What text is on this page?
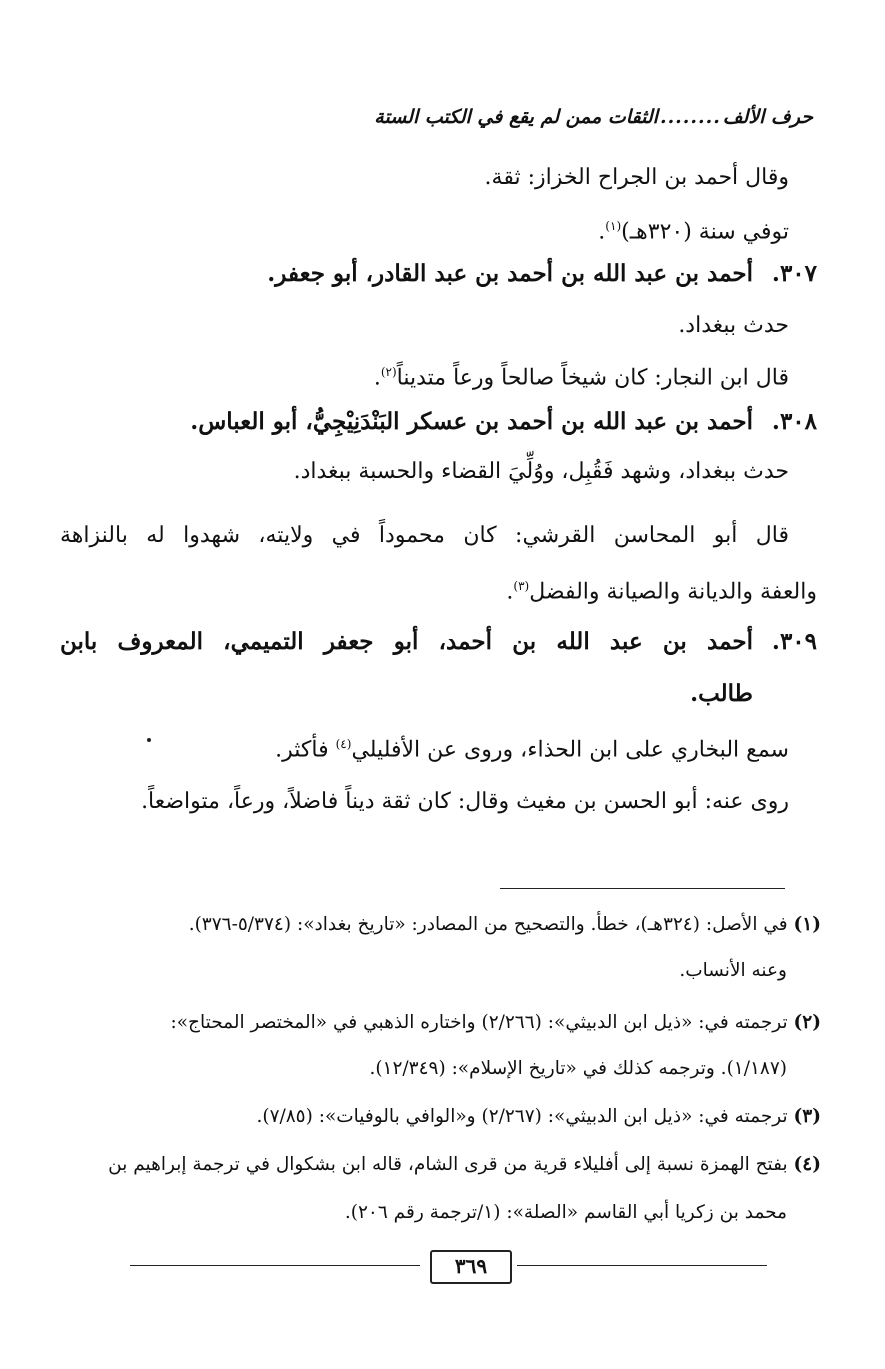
حرف الألف
........
الثقات ممن لم يقع في الكتب الستة
وقال أحمد بن الجراح الخزاز: ثقة.
توفي سنة (٣٢٠هـ)$^{(١)}$.
٣٠٧.أحمد بن عبد الله بن أحمد بن عبد القادر، أبو جعفر.
حدث ببغداد.
قال ابن النجار: كان شيخاً صالحاً ورعاً متديناً$^{(٢)}$.
٣٠٨.أحمد بن عبد الله بن أحمد بن عسكر البَنْدَنِيْجِيُّ، أبو العباس.
حدث ببغداد، وشهد فَقُبِل، ووُلِّيَ القضاء والحسبة ببغداد.
قال أبو المحاسن القرشي: كان محموداً في ولايته، شهدوا له بالنزاهة
والعفة والديانة والصيانة والفضل$^{(٣)}$.
٣٠٩.أحمد بن عبد الله بن أحمد، أبو جعفر التميمي، المعروف بابن
طالب.
سمع البخاري على ابن الحذاء، وروى عن الأفليلي$^{(٤)}$ فأكثر.
روى عنه: أبو الحسن بن مغيث وقال: كان ثقة ديناً فاضلاً، ورعاً، متواضعاً.
(١) في الأصل: (٣٢٤هـ)، خطأ. والتصحيح من المصادر: «تاريخ بغداد»: (٥/٣٧٤-٣٧٦).
وعنه الأنساب.
(٢) ترجمته في: «ذيل ابن الدبيثي»: (٢/٢٦٦) واختاره الذهبي في «المختصر المحتاج»:
(١/١٨٧). وترجمه كذلك في «تاريخ الإسلام»: (١٢/٣٤٩).
(٣) ترجمته في: «ذيل ابن الدبيثي»: (٢/٢٦٧) و«الوافي بالوفيات»: (٧/٨٥).
(٤) بفتح الهمزة نسبة إلى أفليلاء قرية من قرى الشام، قاله ابن بشكوال في ترجمة إبراهيم بن
محمد بن زكريا أبي القاسم «الصلة»: (١/ترجمة رقم ٢٠٦).
٣٦٩
